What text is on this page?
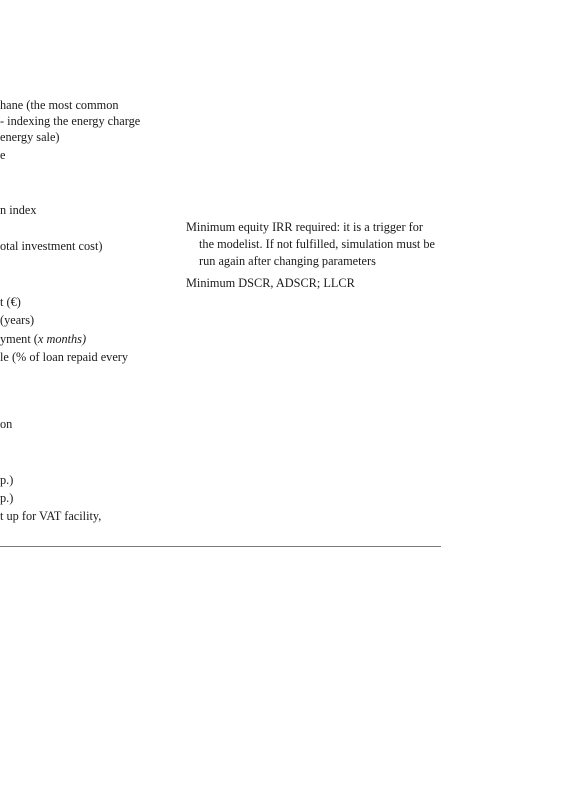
hane (the most common
- indexing the energy charge
energy sale)
e
n index
otal investment cost)
t (€)
(years)
yment (x months)
le (% of loan repaid every
on
p.)
p.)
t up for VAT facility,
Minimum equity IRR required: it is a trigger for
the modelist. If not fulfilled, simulation must be
run again after changing parameters
Minimum DSCR, ADSCR; LLCR
